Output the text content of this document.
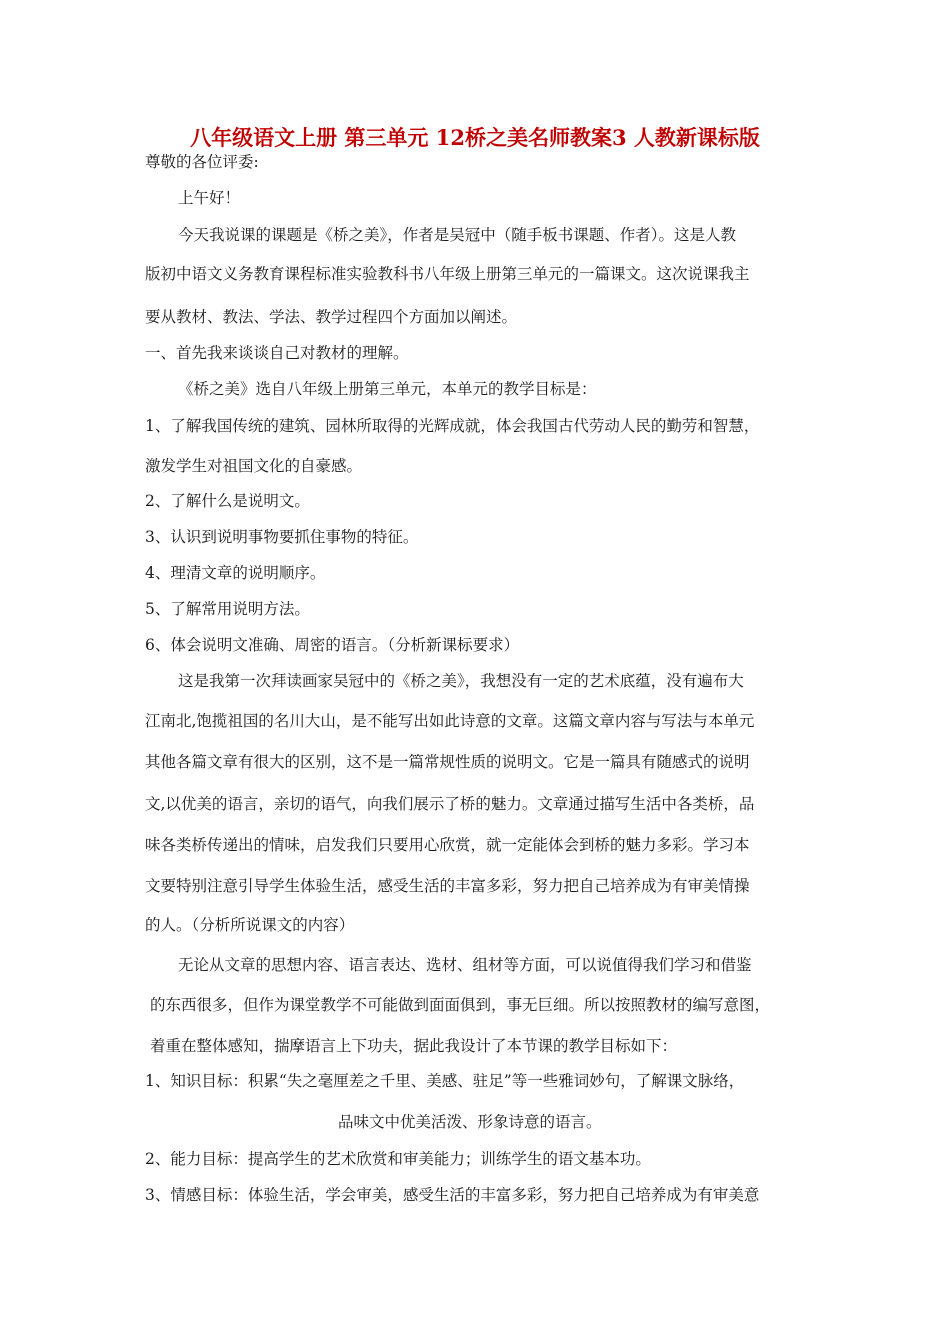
八年级语文上册 第三单元 12桥之美名师教案3 人教新课标版
尊敬的各位评委:
上午好！
今天我说课的课题是《桥之美》，作者是吴冠中（随手板书课题、作者）。这是人教
版初中语文义务教育课程标准实验教科书八年级上册第三单元的一篇课文。这次说课我主
要从教材、教法、学法、教学过程四个方面加以阐述。
一、首先我来谈谈自己对教材的理解。
《桥之美》选自八年级上册第三单元，本单元的教学目标是：
1、了解我国传统的建筑、园林所取得的光辉成就，体会我国古代劳动人民的勤劳和智慧，
激发学生对祖国文化的自豪感。
2、了解什么是说明文。
3、认识到说明事物要抓住事物的特征。
4、理清文章的说明顺序。
5、了解常用说明方法。
6、体会说明文准确、周密的语言。（分析新课标要求）
这是我第一次拜读画家吴冠中的《桥之美》，我想没有一定的艺术底蕴，没有遍布大
江南北,饱揽祖国的名川大山，是不能写出如此诗意的文章。这篇文章内容与写法与本单元
其他各篇文章有很大的区别，这不是一篇常规性质的说明文。它是一篇具有随感式的说明
文,以优美的语言，亲切的语气，向我们展示了桥的魅力。文章通过描写生活中各类桥，品
味各类桥传递出的情味，启发我们只要用心欣赏，就一定能体会到桥的魅力多彩。学习本
文要特别注意引导学生体验生活，感受生活的丰富多彩，努力把自己培养成为有审美情操
的人。（分析所说课文的内容）
无论从文章的思想内容、语言表达、选材、组材等方面，可以说值得我们学习和借鉴
的东西很多，但作为课堂教学不可能做到面面俱到，事无巨细。所以按照教材的编写意图，
着重在整体感知，揣摩语言上下功夫，据此我设计了本节课的教学目标如下：
1、知识目标：积累“失之毫厘差之千里、美感、驻足”等一些雅词妙句，了解课文脉络，
品味文中优美活泼、形象诗意的语言。
2、能力目标：提高学生的艺术欣赏和审美能力；训练学生的语文基本功。
3、情感目标：体验生活，学会审美，感受生活的丰富多彩，努力把自己培养成为有审美意
